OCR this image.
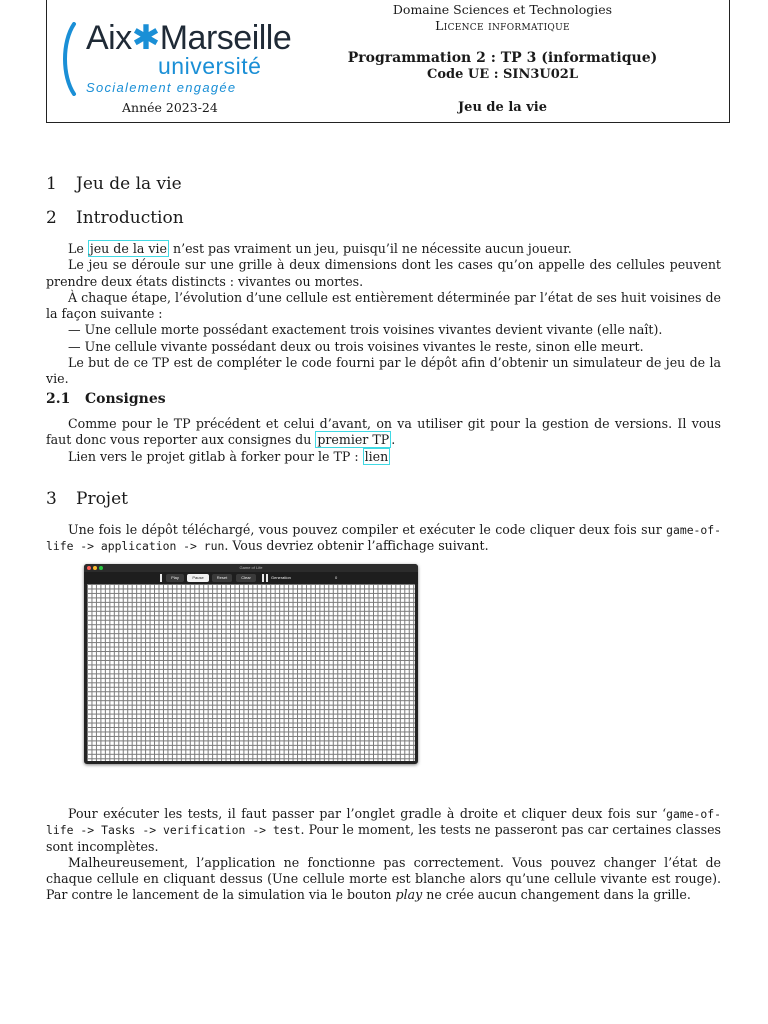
Aix✱Marseille
université
Socialement engagée
Année 2023-24
Domaine Sciences et Technologies
Licence informatique
Programmation 2 : TP 3 (informatique)
Code UE : SIN3U02L
Jeu de la vie
1 Jeu de la vie
2 Introduction

Le jeu de la vie n’est pas vraiment un jeu, puisqu’il ne nécessite aucun joueur.

Le jeu se déroule sur une grille à deux dimensions dont les cases qu’on appelle des cellules peuvent prendre deux états distincts : vivantes ou mortes.

À chaque étape, l’évolution d’une cellule est entièrement déterminée par l’état de ses huit voisines de la façon suivante :

— Une cellule morte possédant exactement trois voisines vivantes devient vivante (elle naît).

— Une cellule vivante possédant deux ou trois voisines vivantes le reste, sinon elle meurt.

Le but de ce TP est de compléter le code fourni par le dépôt afin d’obtenir un simulateur de jeu de la vie.

2.1 Consignes

Comme pour le TP précédent et celui d’avant, on va utiliser git pour la gestion de versions. Il vous faut donc vous reporter aux consignes du premier TP .

Lien vers le projet gitlab à forker pour le TP : lien

3 Projet

Une fois le dépôt téléchargé, vous pouvez compiler et exécuter le code cliquer deux fois sur game-of-life -> application -> run. Vous devriez obtenir l’affichage suivant.

Game of Life
Play	Pause	Reset	Clear	Generation	0

Pour exécuter les tests, il faut passer par l’onglet gradle à droite et cliquer deux fois sur ‘game-of-life -> Tasks -> verification -> test. Pour le moment, les tests ne passeront pas car certaines classes sont incomplètes.

Malheureusement, l’application ne fonctionne pas correctement. Vous pouvez changer l’état de chaque cellule en cliquant dessus (Une cellule morte est blanche alors qu’une cellule vivante est rouge). Par contre le lancement de la simulation via le bouton play ne crée aucun changement dans la grille.
